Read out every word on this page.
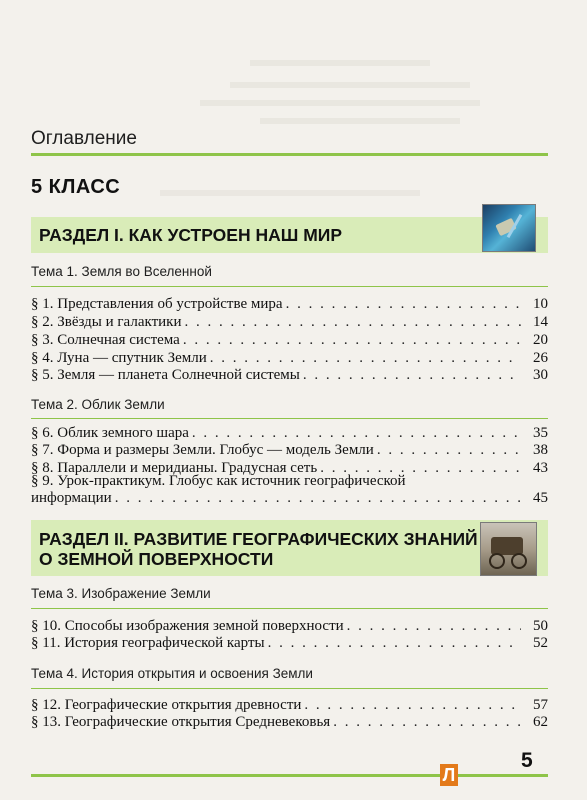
Оглавление
5 КЛАСС
РАЗДЕЛ I. КАК УСТРОЕН НАШ МИР
Тема 1. Земля во Вселенной
§ 1. Представления об устройстве мира . . .	10
§ 2. Звёзды и галактики . . .	14
§ 3. Солнечная система . . .	20
§ 4. Луна — спутник Земли . . .	26
§ 5. Земля — планета Солнечной системы . . .	30
Тема 2. Облик Земли
§ 6. Облик земного шара . . .	35
§ 7. Форма и размеры Земли. Глобус — модель Земли . . .	38
§ 8. Параллели и меридианы. Градусная сеть . . .	43
§ 9. Урок-практикум. Глобус как источник географической
информации . . .	45
РАЗДЕЛ II. РАЗВИТИЕ ГЕОГРАФИЧЕСКИХ ЗНАНИЙ
О ЗЕМНОЙ ПОВЕРХНОСТИ
Тема 3. Изображение Земли
§ 10. Способы изображения земной поверхности . . .	50
§ 11. История географической карты . . .	52
Тема 4. История открытия и освоения Земли
§ 12. Географические открытия древности . . .	57
§ 13. Географические открытия Средневековья . . .	62
5
Л
